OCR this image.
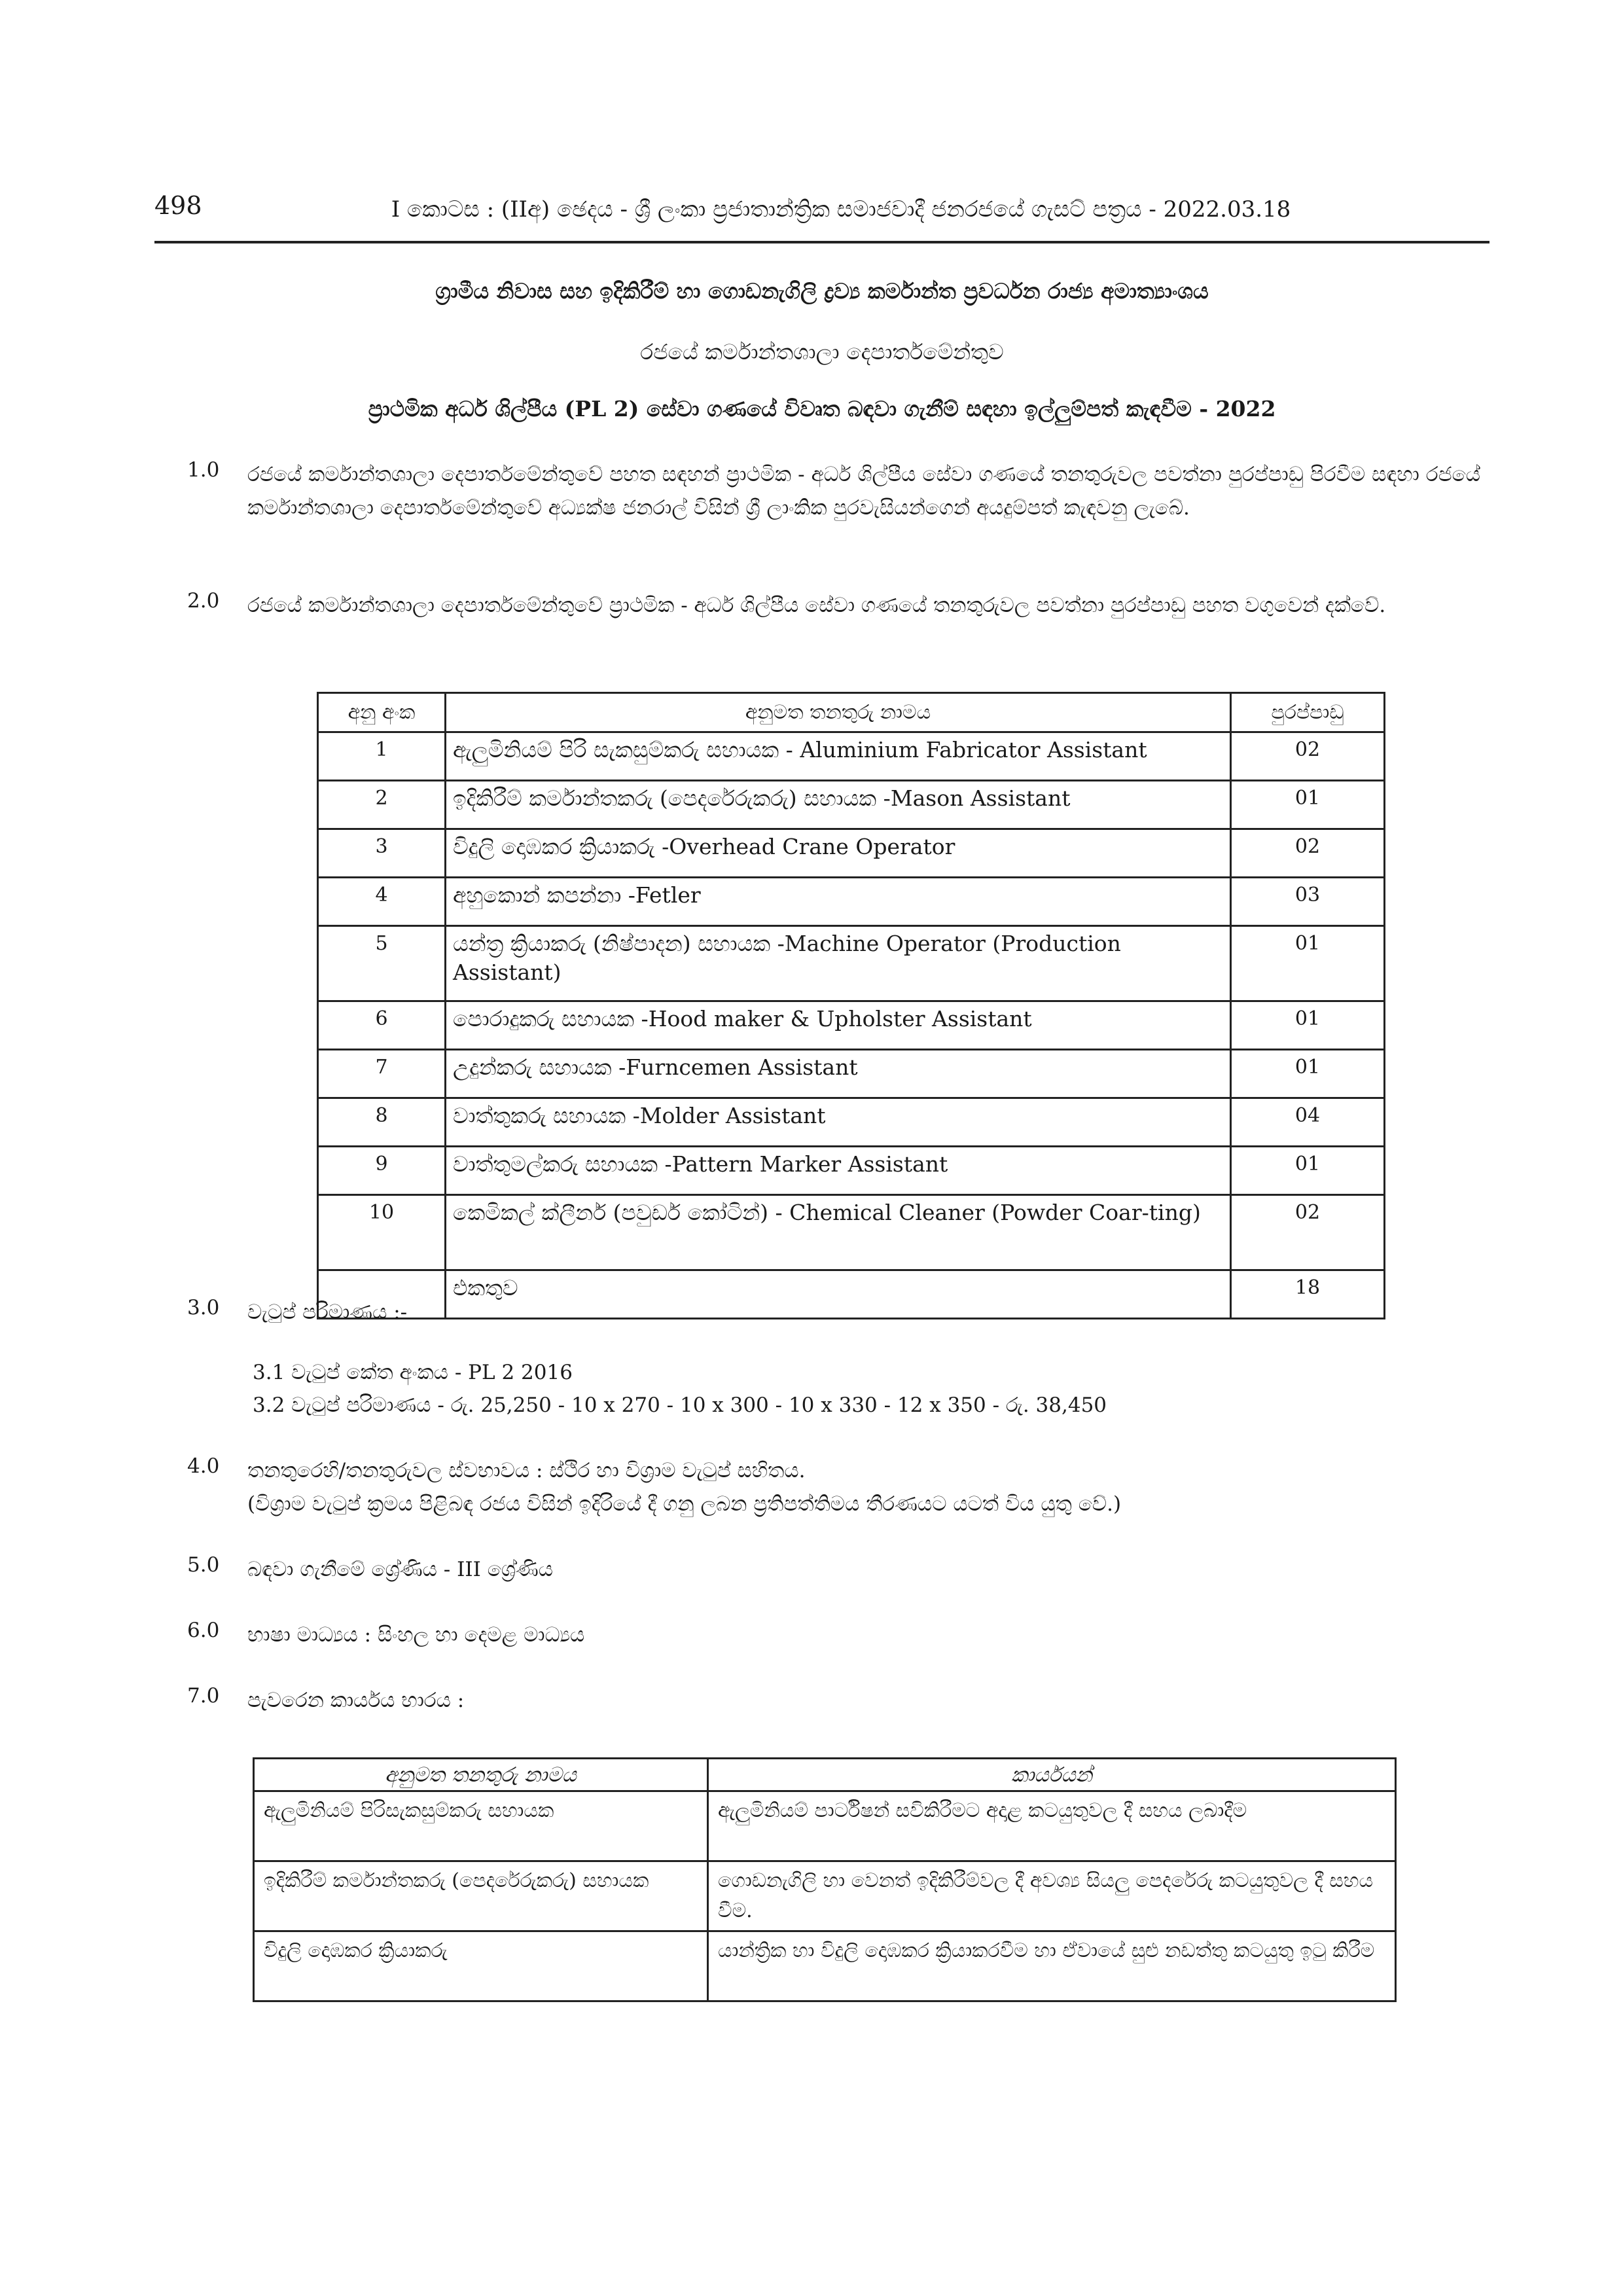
498	I කොටස : (IIඅ) ඡෙදය - ශ්‍රී ලංකා ප්‍රජාතාන්ත්‍රික සමාජවාදී ජනරජයේ ගැසට් පත්‍රය - 2022.03.18
ග්‍රාමීය නිවාස සහ ඉදිකිරීම් හා ගොඩනැගිලි ද්‍රව්‍ය කර්මාන්ත ප්‍රවර්ධන රාජ්‍ය අමාත්‍යාංශය
රජයේ කර්මාන්තශාලා දෙපාර්තමේන්තුව
ප්‍රාථමික අර්ධ ශිල්පීය (PL 2) සේවා ගණයේ විවෘත බඳවා ගැනීම් සඳහා ඉල්ලුම්පත් කැඳවීම - 2022
1.0 රජයේ කර්මාන්තශාලා දෙපාර්තමේන්තුවේ පහත සඳහන් ප්‍රාථමික - අර්ධ ශිල්පීය සේවා ගණයේ තනතුරුවල පවත්නා පුරප්පාඩු පිරවීම සඳහා රජයේ කර්මාන්තශාලා දෙපාර්තමේන්තුවේ අධ්‍යක්ෂ ජනරාල් විසින් ශ්‍රී ලාංකික පුරවැසියන්ගෙන් අයදුම්පත් කැඳවනු ලැබේ.
2.0 රජයේ කර්මාන්තශාලා දෙපාර්තමේන්තුවේ ප්‍රාථමික - අර්ධ ශිල්පීය සේවා ගණයේ තනතුරුවල පවත්නා පුරප්පාඩු පහත වගුවෙන් දක්වේ.
අනු අංක	අනුමත තනතුරු නාමය	පුරප්පාඩු
1	ඇලුමිනියම් පිරි සැකසුම්කරු සහායක - Aluminium Fabricator Assistant	02
2	ඉදිකිරීම් කර්මාන්තකරු (පෙදරේරුකරු) සහායක -Mason Assistant	01
3	විදුලි දොඹකර ක්‍රියාකරු -Overhead Crane Operator	02
4	අහුකොන් කපන්නා -Fetler	03
5	යන්ත්‍ර ක්‍රියාකරු (නිෂ්පාදන) සහායක -Machine Operator (Production Assistant)	01
6	පොරාදුකරු සහායක -Hood maker & Upholster Assistant	01
7	උදුන්කරු සහායක -Furncemen Assistant	01
8	වාත්තුකරු සහායක -Molder Assistant	04
9	වාත්තුමල්කරු සහායක -Pattern Marker Assistant	01
10	කෙමිකල් ක්ලීනර් (පවුඩර් කෝටින්) - Chemical Cleaner (Powder Coar-ting)	02
	එකතුව	18
3.0 වැටුප් පරිමාණය :-
3.1 වැටුප් කේත අංකය - PL 2 2016
3.2 වැටුප් පරිමාණය - රු. 25,250 - 10 x 270 - 10 x 300 - 10 x 330 - 12 x 350 - රු. 38,450
4.0 තනතුරෙහි/තනතුරුවල ස්වභාවය : ස්ථිර හා විශ්‍රාම වැටුප් සහිතය.
(විශ්‍රාම වැටුප් ක්‍රමය පිළිබඳ රජය විසින් ඉදිරියේ දී ගනු ලබන ප්‍රතිපත්තිමය තීරණයට යටත් විය යුතු වේ.)
5.0 බඳවා ගැනීමේ ශ්‍රේණිය - III ශ්‍රේණිය
6.0 භාෂා මාධ්‍යය : සිංහල හා දෙමළ මාධ්‍යය
7.0 පැවරෙන කාර්යය භාරය :
අනුමත තනතුරු නාමය	කාර්යයන්
ඇලුමිනියම් පිරිසැකසුම්කරු සහායක	ඇලුමිනියම් පාර්ටිෂන් සවිකිරීමට අදාළ කටයුතුවල දී සහය ලබාදීම
ඉදිකිරීම් කර්මාන්තකරු (පෙදරේරුකරු) සහායක	ගොඩනැගිලි හා වෙනත් ඉදිකිරීම්වල දී අවශ්‍ය සියලු පෙදරේරු කටයුතුවල දී සහය වීම.
විදුලි දොඹකර ක්‍රියාකරු	යාන්ත්‍රික හා විදුලි දොඹකර ක්‍රියාකරවීම හා ඒවායේ සුළු නඩත්තු කටයුතු ඉටු කිරීම
